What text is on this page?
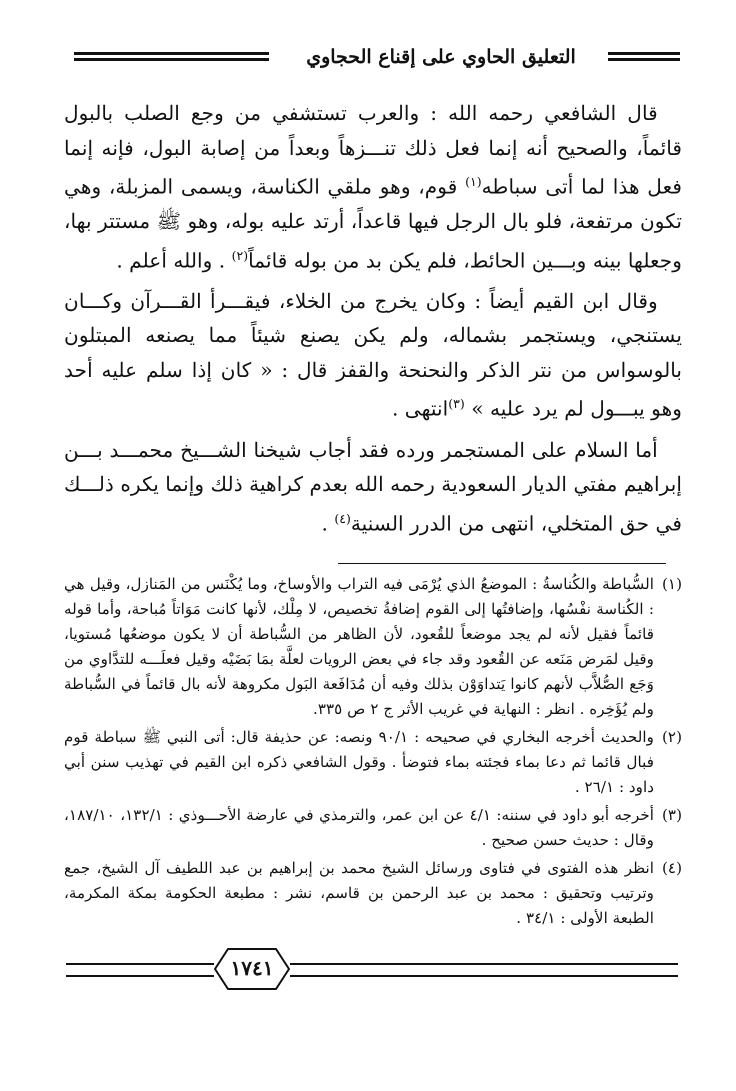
التعليق الحاوي على إقناع الحجاوي

قال الشافعي رحمه الله : والعرب تستشفي من وجع الصلب بالبول قائماً، والصحيح أنه إنما فعل ذلك تنـــزهاً وبعداً من إصابة البول، فإنه إنما فعل هذا لما أتى سباطه$^{(١)}$ قوم، وهو ملقي الكناسة، ويسمى المزبلة، وهي تكون مرتفعة، فلو بال الرجل فيها قاعداً، أرتد عليه بوله، وهو ﷺ مستتر بها، وجعلها بينه وبـــين الحائط، فلم يكن بد من بوله قائماً$^{(٢)}$ . والله أعلم .

وقال ابن القيم أيضاً : وكان يخرج من الخلاء، فيقـــرأ القـــرآن وكـــان يستنجي، ويستجمر بشماله، ولم يكن يصنع شيئاً مما يصنعه المبتلون بالوسواس من نتر الذكر والنحنحة والقفز قال : « كان إذا سلم عليه أحد وهو يبـــول لم يرد عليه » $^{(٣)}$انتهى .

أما السلام على المستجمر ورده فقد أجاب شيخنا الشـــيخ محمـــد بـــن إبراهيم مفتي الديار السعودية رحمه الله بعدم كراهية ذلك وإنما يكره ذلـــك في حق المتخلي، انتهى من الدرر السنية$^{(٤)}$ .

(١)
السُّباطة والكُناسةُ : الموضعُ الذي يُرْمَى فيه التراب والأوساخ، وما يُكْنَس من المَنازل، وقيل هي : الكُناسة نفْسُها، وإضافتُها إلى القوم إضافةُ تخصيص، لا مِلْك، لأنها كانت مَوَاتاً مُباحة، وأما قوله قائماً فقيل لأنه لم يجد موضعاً للقُعود، لأن الظاهر من السُّباطة أن لا يكون موضعُها مُستويا، وقيل لمَرض مَنَعه عن القُعود وقد جاء في بعض الرويات لعلَّة بمَا بَضَيْه وقيل فعلَـــه للتدَّاوي من وَجَع الصُّلاَّب لأنهم كانوا يَتداوَوْن بذلك وفيه أن مُدَافَعة البَول مكروهة لأنه بال قائماً في السُّباطة ولم يُؤَخِره . انظر : النهاية في غريب الأثر ج ٢ ص ٣٣٥.
(٢)
والحديث أخرجه البخاري في صحيحه : ٩٠/١ ونصه: عن حذيفة قال: أتى النبي ﷺ سباطة قوم فبال قائما ثم دعا بماء فجئته بماء فتوضأ . وقول الشافعي ذكره ابن القيم في تهذيب سنن أبي داود : ٢٦/١ .
(٣)
أخرجه أبو داود في سننه: ٤/١ عن ابن عمر، والترمذي في عارضة الأحـــوذي : ١٣٢/١، ١٨٧/١٠، وقال : حديث حسن صحيح .
(٤)
انظر هذه الفتوى في فتاوى ورسائل الشيخ محمد بن إبراهيم بن عبد اللطيف آل الشيخ، جمع وترتيب وتحقيق : محمد بن عبد الرحمن بن قاسم، نشر : مطبعة الحكومة بمكة المكرمة، الطبعة الأولى : ٣٤/١ .
١٧٤١
